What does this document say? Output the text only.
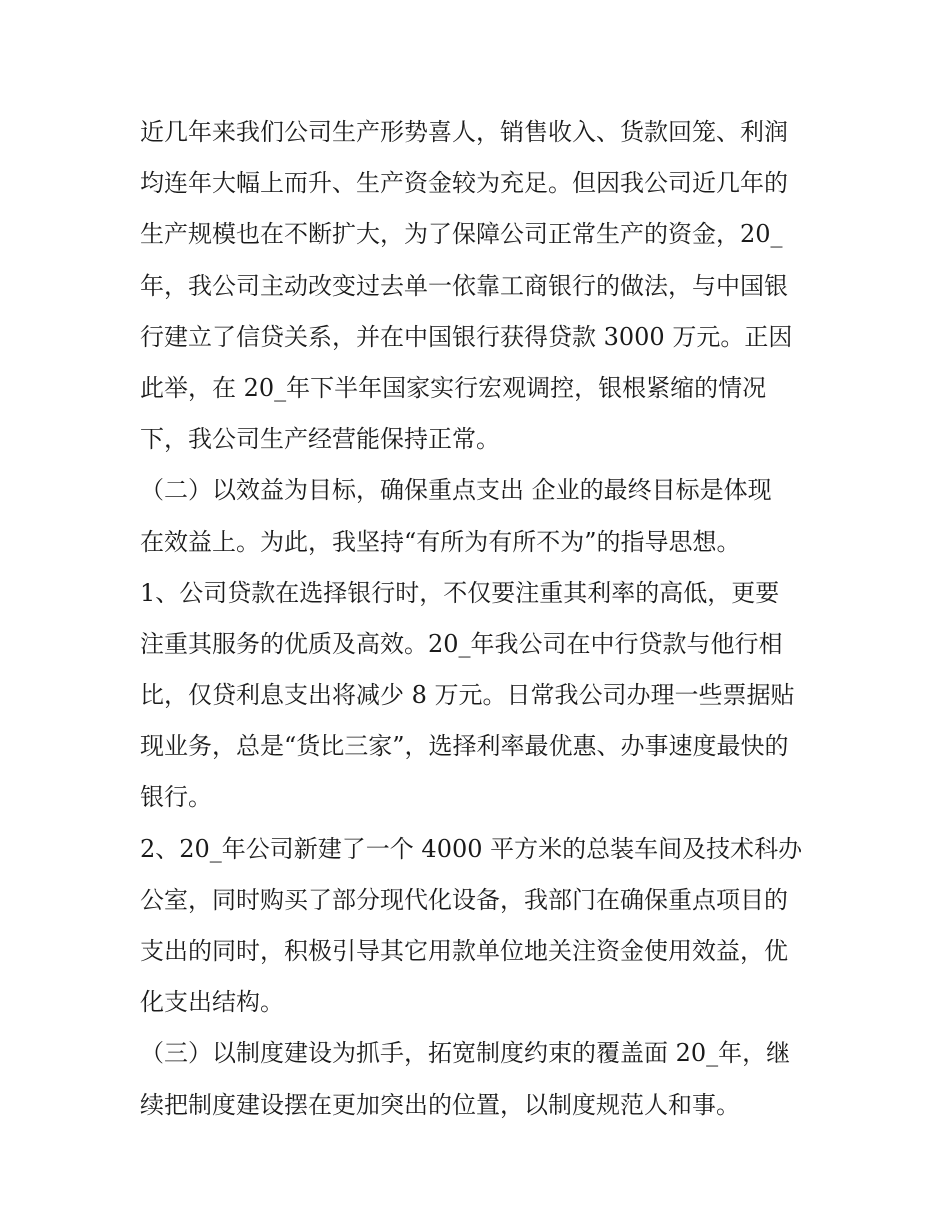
近几年来我们公司生产形势喜人，销售收入、货款回笼、利润
均连年大幅上而升、生产资金较为充足。但因我公司近几年的
生产规模也在不断扩大，为了保障公司正常生产的资金，20_
年，我公司主动改变过去单一依靠工商银行的做法，与中国银
行建立了信贷关系，并在中国银行获得贷款 3000 万元。正因
此举，在 20_年下半年国家实行宏观调控，银根紧缩的情况
下，我公司生产经营能保持正常。
（二）以效益为目标，确保重点支出 企业的最终目标是体现
在效益上。为此，我坚持“有所为有所不为”的指导思想。
1、公司贷款在选择银行时，不仅要注重其利率的高低，更要
注重其服务的优质及高效。20_年我公司在中行贷款与他行相
比，仅贷利息支出将减少 8 万元。日常我公司办理一些票据贴
现业务，总是“货比三家”，选择利率最优惠、办事速度最快的
银行。
2、20_年公司新建了一个 4000 平方米的总装车间及技术科办
公室，同时购买了部分现代化设备，我部门在确保重点项目的
支出的同时，积极引导其它用款单位地关注资金使用效益，优
化支出结构。
（三）以制度建设为抓手，拓宽制度约束的覆盖面 20_年，继
续把制度建设摆在更加突出的位置，以制度规范人和事。
